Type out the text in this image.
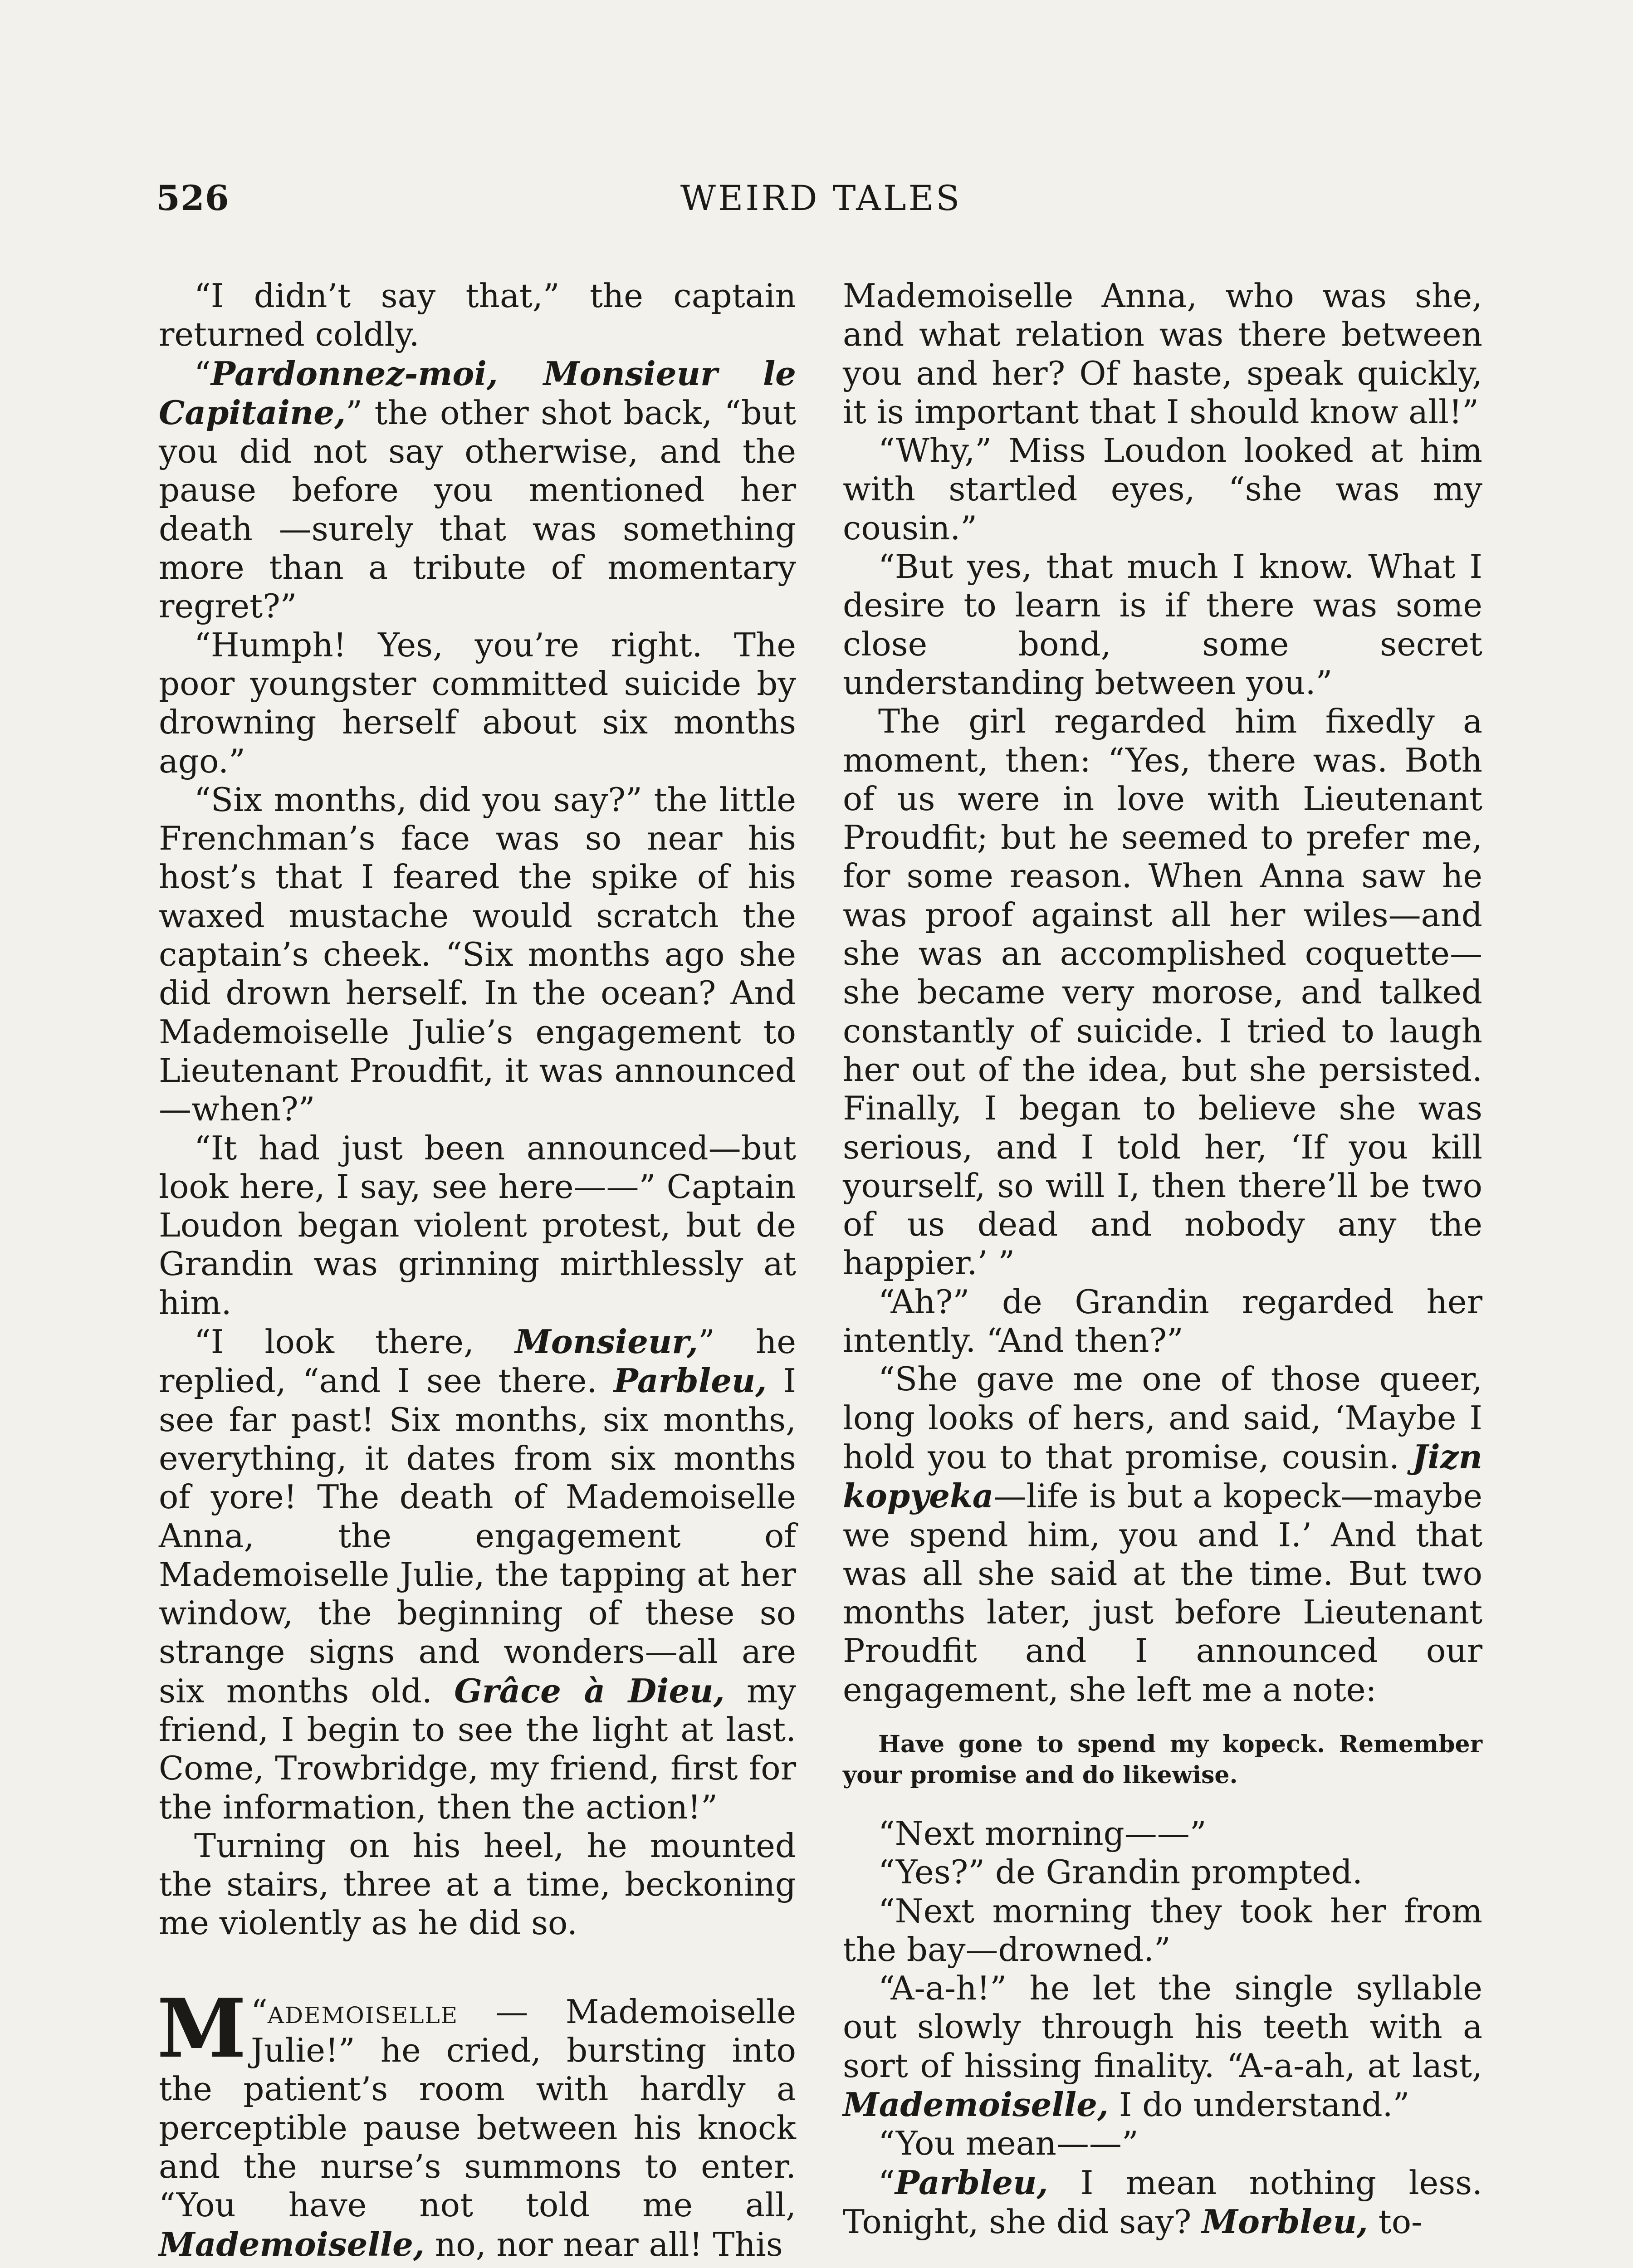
526	WEIRD TALES

“I didn’t say that,” the captain returned coldly.

“Pardonnez-moi, Monsieur le Capitaine,” the other shot back, “but you did not say otherwise, and the pause before you mentioned her death —surely that was something more than a tribute of momentary regret?”

“Humph! Yes, you’re right. The poor youngster committed suicide by drowning herself about six months ago.”

“Six months, did you say?” the little Frenchman’s face was so near his host’s that I feared the spike of his waxed mustache would scratch the captain’s cheek. “Six months ago she did drown herself. In the ocean? And Mademoiselle Julie’s engagement to Lieutenant Proudfit, it was announced—when?”

“It had just been announced—but look here, I say, see here——” Captain Loudon began violent protest, but de Grandin was grinning mirthlessly at him.

“I look there, Monsieur,” he replied, “and I see there. Parbleu, I see far past! Six months, six months, everything, it dates from six months of yore! The death of Mademoiselle Anna, the engagement of Mademoiselle Julie, the tapping at her window, the beginning of these so strange signs and wonders—all are six months old. Grâce à Dieu, my friend, I begin to see the light at last. Come, Trowbridge, my friend, first for the information, then the action!”

Turning on his heel, he mounted the stairs, three at a time, beckoning me violently as he did so.

“
M ademoiselle — Mademoiselle Julie!” he cried, bursting into the patient’s room with hardly a perceptible pause between his knock and the nurse’s summons to enter. “You have not told me all, Mademoiselle, no, nor near all! This

Mademoiselle Anna, who was she, and what relation was there between you and her? Of haste, speak quickly, it is important that I should know all!”

“Why,” Miss Loudon looked at him with startled eyes, “she was my cousin.”

“But yes, that much I know. What I desire to learn is if there was some close bond, some secret understanding between you.”

The girl regarded him fixedly a moment, then: “Yes, there was. Both of us were in love with Lieutenant Proudfit; but he seemed to prefer me, for some reason. When Anna saw he was proof against all her wiles—and she was an accomplished coquette—she became very morose, and talked constantly of suicide. I tried to laugh her out of the idea, but she persisted. Finally, I began to believe she was serious, and I told her, ‘If you kill yourself, so will I, then there’ll be two of us dead and nobody any the happier.’ ”

“Ah?” de Grandin regarded her intently. “And then?”

“She gave me one of those queer, long looks of hers, and said, ‘Maybe I hold you to that promise, cousin. Jizn kopyeka—life is but a kopeck—maybe we spend him, you and I.’ And that was all she said at the time. But two months later, just before Lieutenant Proudfit and I announced our engagement, she left me a note:

Have gone to spend my kopeck. Remember your promise and do likewise.

“Next morning——”

“Yes?” de Grandin prompted.

“Next morning they took her from the bay—drowned.”

“A-a-h!” he let the single syllable out slowly through his teeth with a sort of hissing finality. “A-a-ah, at last, Mademoiselle, I do understand.”

“You mean——”

“Parbleu, I mean nothing less. Tonight, she did say? Morbleu, to-
